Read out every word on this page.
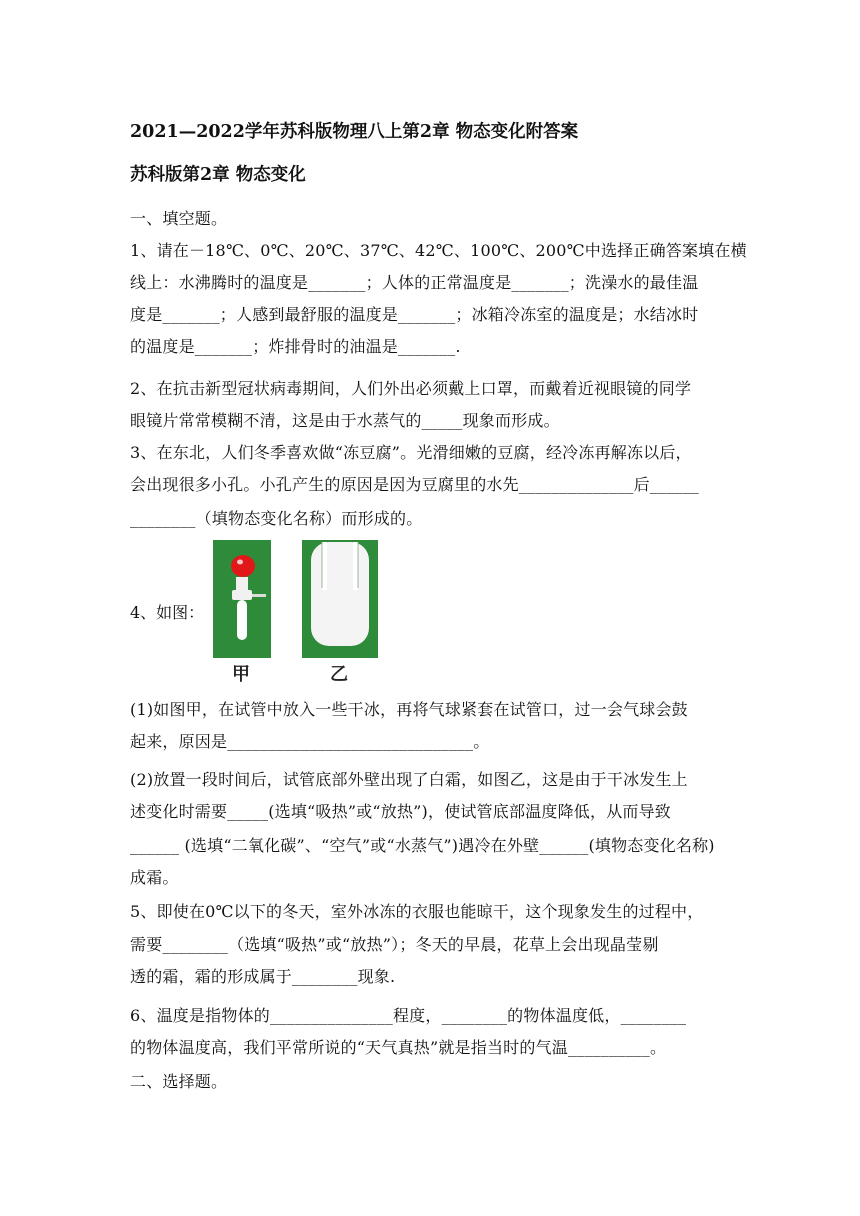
2021—2022学年苏科版物理八上第2章 物态变化附答案
苏科版第2章 物态变化
一、填空题。
1、请在－18℃、0℃、20℃、37℃、42℃、100℃、200℃中选择正确答案填在横
线上：水沸腾时的温度是_______；人体的正常温度是_______；洗澡水的最佳温
度是_______；人感到最舒服的温度是_______；冰箱冷冻室的温度是；水结冰时
的温度是_______；炸排骨时的油温是_______.
2、在抗击新型冠状病毒期间，人们外出必须戴上口罩，而戴着近视眼镜的同学
眼镜片常常模糊不清，这是由于水蒸气的_____现象而形成。
3、在东北，人们冬季喜欢做“冻豆腐”。光滑细嫩的豆腐，经冷冻再解冻以后，
会出现很多小孔。小孔产生的原因是因为豆腐里的水先______________后______
________（填物态变化名称）而形成的。
4、如图：
甲	乙
(1)如图甲，在试管中放入一些干冰，再将气球紧套在试管口，过一会气球会鼓
起来，原因是______________________________。
(2)放置一段时间后，试管底部外壁出现了白霜，如图乙，这是由于干冰发生上
述变化时需要_____(选填“吸热”或“放热”)，使试管底部温度降低，从而导致
______ (选填“二氧化碳”、“空气”或“水蒸气”)遇冷在外壁______(填物态变化名称)
成霜。
5、即使在0℃以下的冬天，室外冰冻的衣服也能晾干，这个现象发生的过程中，
需要________（选填“吸热”或“放热”）；冬天的早晨，花草上会出现晶莹剔
透的霜，霜的形成属于________现象.
6、温度是指物体的_______________程度，________的物体温度低，________
的物体温度高，我们平常所说的“天气真热”就是指当时的气温__________。
二、选择题。
